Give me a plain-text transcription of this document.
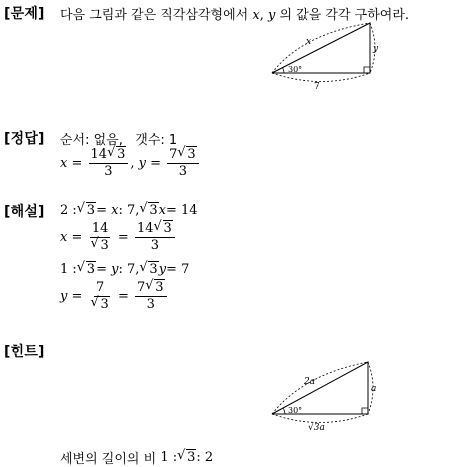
[문제] 다음 그림과 같은 직각삼각형에서 x, y 의 값을 각각 구하여라.
x
y
7
30°
[정답] 순서: 없음, 갯수: 1
$x = \frac{14 √ 3}{3}$ , $y = \frac{7 √ 3}{3}$
[해설] 2 : √ 3 =
x : 7, √ 3 x = 14
$x = \frac{14}{√ 3} = \frac{14 √ 3}{3}$
1 : √ 3 =
y : 7, √ 3 y = 7
$y = \frac{7}{√ 3} = \frac{7 √ 3}{3}$
[힌트]
2a
a
√3a
30°
세변의 길이의 비
1 : √ 3 : 2
